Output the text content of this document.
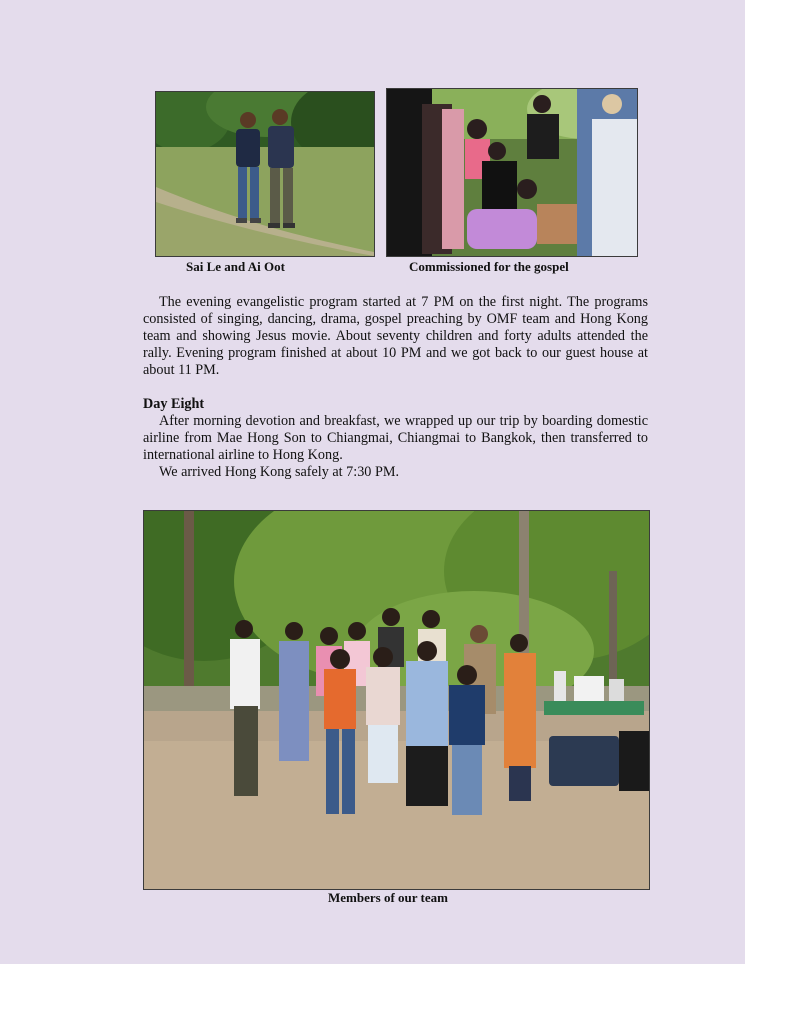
Sai Le and Ai Oot	Commissioned for the gospel

The evening evangelistic program started at 7 PM on the first night. The programs consisted of singing, dancing, drama, gospel preaching by OMF team and Hong Kong team and showing Jesus movie. About seventy children and forty adults attended the rally. Evening program finished at about 10 PM and we got back to our guest house at about 11 PM.

Day Eight

After morning devotion and breakfast, we wrapped up our trip by boarding domestic airline from Mae Hong Son to Chiangmai, Chiangmai to Bangkok, then transferred to international airline to Hong Kong.

We arrived Hong Kong safely at 7:30 PM.

Members of our team
